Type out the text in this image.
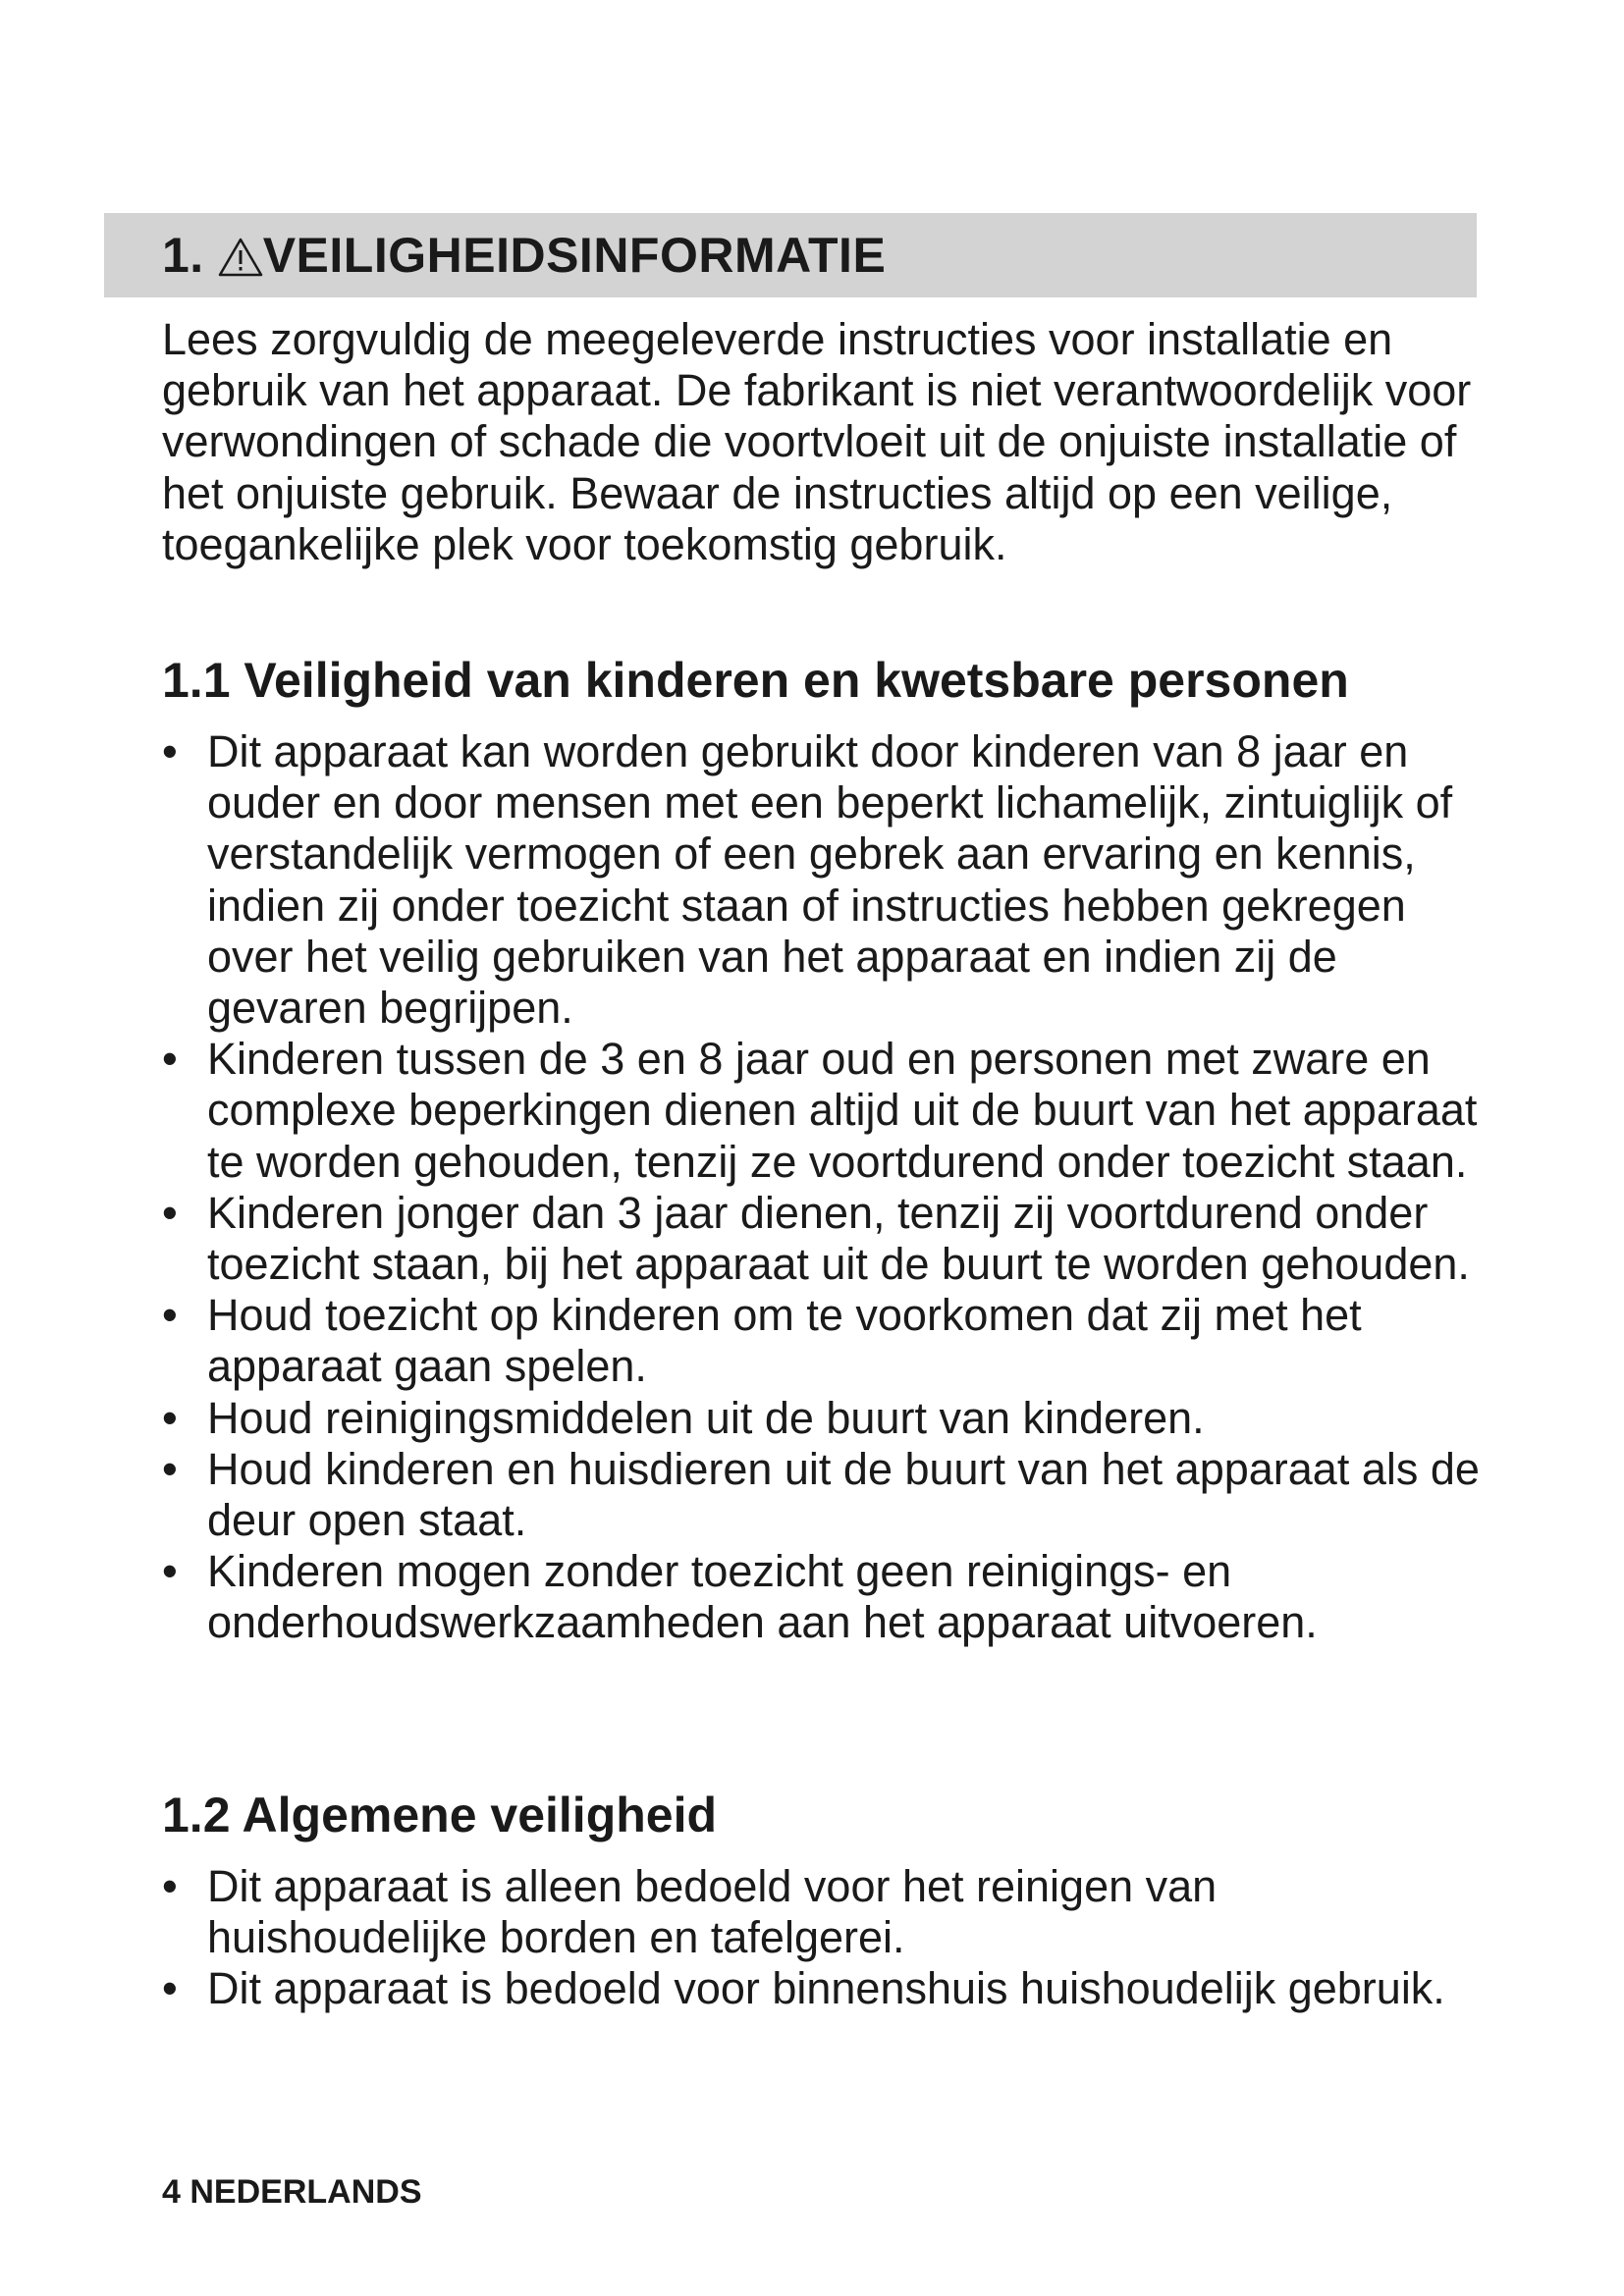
1. VEILIGHEIDSINFORMATIE

Lees zorgvuldig de meegeleverde instructies voor installatie en gebruik van het apparaat. De fabrikant is niet verantwoordelijk voor verwondingen of schade die voortvloeit uit de onjuiste installatie of het onjuiste gebruik. Bewaar de instructies altijd op een veilige, toegankelijke plek voor toekomstig gebruik.

1.1 Veiligheid van kinderen en kwetsbare personen
• Dit apparaat kan worden gebruikt door kinderen van 8 jaar en ouder en door mensen met een beperkt lichamelijk, zintuiglijk of verstandelijk vermogen of een gebrek aan ervaring en kennis, indien zij onder toezicht staan of instructies hebben gekregen over het veilig gebruiken van het apparaat en indien zij de gevaren begrijpen.
• Kinderen tussen de 3 en 8 jaar oud en personen met zware en complexe beperkingen dienen altijd uit de buurt van het apparaat te worden gehouden, tenzij ze voortdurend onder toezicht staan.
• Kinderen jonger dan 3 jaar dienen, tenzij zij voortdurend onder toezicht staan, bij het apparaat uit de buurt te worden gehouden.
• Houd toezicht op kinderen om te voorkomen dat zij met het apparaat gaan spelen.
• Houd reinigingsmiddelen uit de buurt van kinderen.
• Houd kinderen en huisdieren uit de buurt van het apparaat als de deur open staat.
• Kinderen mogen zonder toezicht geen reinigings- en onderhoudswerkzaamheden aan het apparaat uitvoeren.
1.2 Algemene veiligheid
• Dit apparaat is alleen bedoeld voor het reinigen van huishoudelijke borden en tafelgerei.
• Dit apparaat is bedoeld voor binnenshuis huishoudelijk gebruik.

4 NEDERLANDS
